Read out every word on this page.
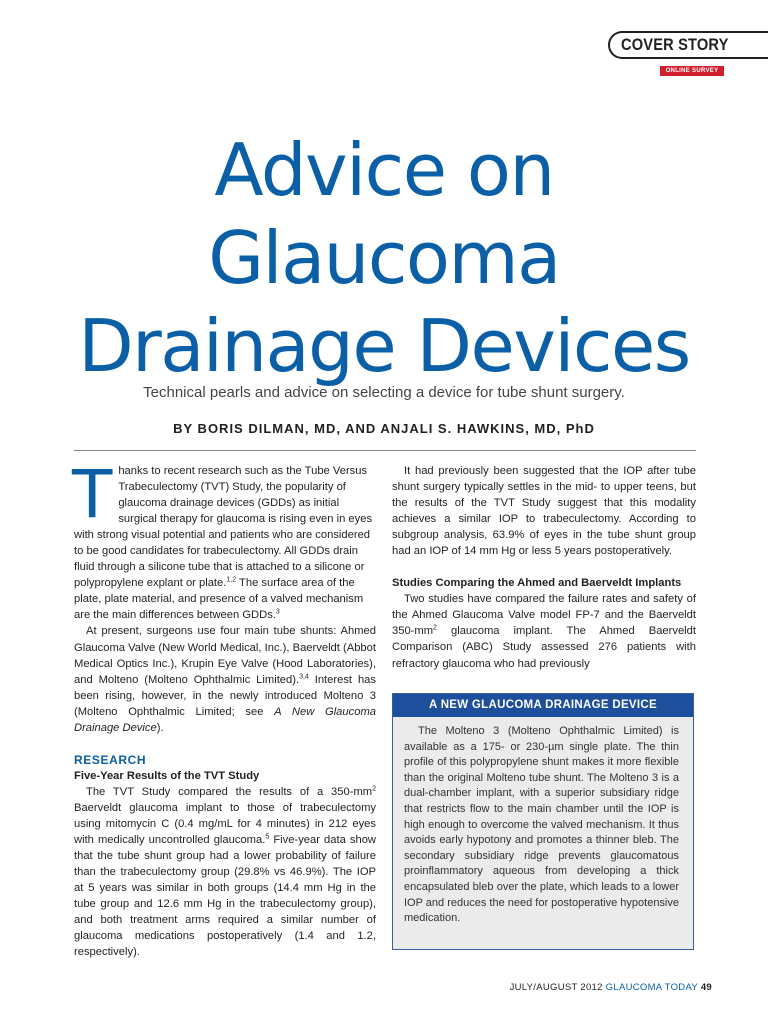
COVER STORY
ONLINE SURVEY
Advice on
Glaucoma
Drainage Devices
Technical pearls and advice on selecting a device for tube shunt surgery.
BY BORIS DILMAN, MD, AND ANJALI S. HAWKINS, MD, PhD

Thanks to recent research such as the Tube Versus Trabeculectomy (TVT) Study, the popularity of glaucoma drainage devices (GDDs) as initial surgical therapy for glaucoma is rising even in eyes with strong visual potential and patients who are considered to be good candidates for trabeculectomy. All GDDs drain fluid through a silicone tube that is attached to a silicone or polypropylene explant or plate.$^{1,2}$ The surface area of the plate, plate material, and presence of a valved mechanism are the main differences between GDDs.$^3$

At present, surgeons use four main tube shunts: Ahmed Glaucoma Valve (New World Medical, Inc.), Baerveldt (Abbot Medical Optics Inc.), Krupin Eye Valve (Hood Laboratories), and Molteno (Molteno Ophthalmic Limited).$^{3,4}$ Interest has been rising, however, in the newly introduced Molteno 3 (Molteno Ophthalmic Limited; see A New Glaucoma Drainage Device).

RESEARCH

Five-Year Results of the TVT Study

The TVT Study compared the results of a $350-mm^2$ Baerveldt glaucoma implant to those of trabeculectomy using mitomycin C (0.4 mg/mL for 4 minutes) in 212 eyes with medically uncontrolled glaucoma.$^5$ Five-year data show that the tube shunt group had a lower probability of failure than the trabeculectomy group (29.8% vs 46.9%). The IOP at 5 years was similar in both groups (14.4 mm Hg in the tube group and 12.6 mm Hg in the trabeculectomy group), and both treatment arms required a similar number of glaucoma medications postoperatively (1.4 and 1.2, respectively).

It had previously been suggested that the IOP after tube shunt surgery typically settles in the mid- to upper teens, but the results of the TVT Study suggest that this modality achieves a similar IOP to trabeculectomy. According to subgroup analysis, 63.9% of eyes in the tube shunt group had an IOP of 14 mm Hg or less 5 years postoperatively.

Studies Comparing the Ahmed and Baerveldt Implants

Two studies have compared the failure rates and safety of the Ahmed Glaucoma Valve model FP-7 and the Baerveldt $350-mm^2$ glaucoma implant. The Ahmed Baerveldt Comparison (ABC) Study assessed 276 patients with refractory glaucoma who had previously

A NEW GLAUCOMA DRAINAGE DEVICE
The Molteno 3 (Molteno Ophthalmic Limited) is available as a 175- or 230-µm single plate. The thin profile of this polypropylene shunt makes it more flexible than the original Molteno tube shunt. The Molteno 3 is a dual-chamber implant, with a superior subsidiary ridge that restricts flow to the main chamber until the IOP is high enough to overcome the valved mechanism. It thus avoids early hypotony and promotes a thinner bleb. The secondary subsidiary ridge prevents glaucomatous proinflammatory aqueous from developing a thick encapsulated bleb over the plate, which leads to a lower IOP and reduces the need for postoperative hypotensive medication.
JULY/AUGUST 2012 GLAUCOMA TODAY 49
